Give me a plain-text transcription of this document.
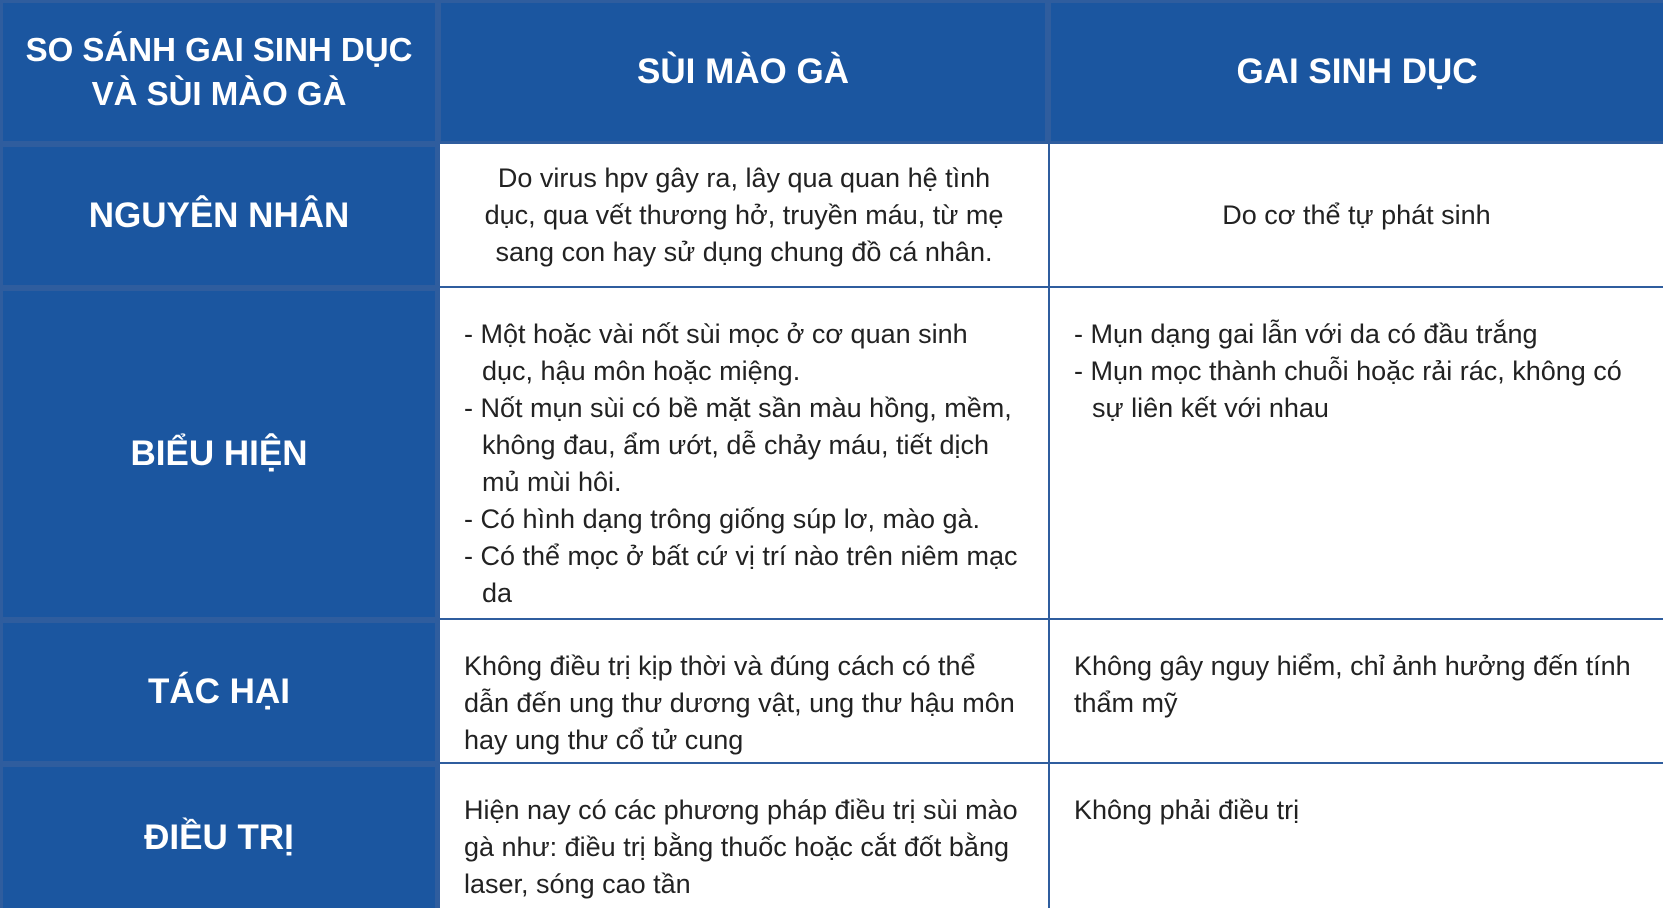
SO SÁNH GAI SINH DỤC
VÀ SÙI MÀO GÀ
SÙI MÀO GÀ	GAI SINH DỤC
NGUYÊN NHÂN
Do virus hpv gây ra, lây qua quan hệ tình dục, qua vết thương hở, truyền máu, từ mẹ sang con hay sử dụng chung đồ cá nhân.
Do cơ thể tự phát sinh
BIỂU HIỆN
- Một hoặc vài nốt sùi mọc ở cơ quan sinh dục, hậu môn hoặc miệng.
- Nốt mụn sùi có bề mặt sần màu hồng, mềm, không đau, ẩm ướt, dễ chảy máu, tiết dịch mủ mùi hôi.
- Có hình dạng trông giống súp lơ, mào gà.
- Có thể mọc ở bất cứ vị trí nào trên niêm mạc da
- Mụn dạng gai lẫn với da có đầu trắng
- Mụn mọc thành chuỗi hoặc rải rác, không có sự liên kết với nhau
TÁC HẠI
Không điều trị kịp thời và đúng cách có thể dẫn đến ung thư dương vật, ung thư hậu môn hay ung thư cổ tử cung
Không gây nguy hiểm, chỉ ảnh hưởng đến tính thẩm mỹ
ĐIỀU TRỊ
Hiện nay có các phương pháp điều trị sùi mào gà như: điều trị bằng thuốc hoặc cắt đốt bằng laser, sóng cao tần
Không phải điều trị
